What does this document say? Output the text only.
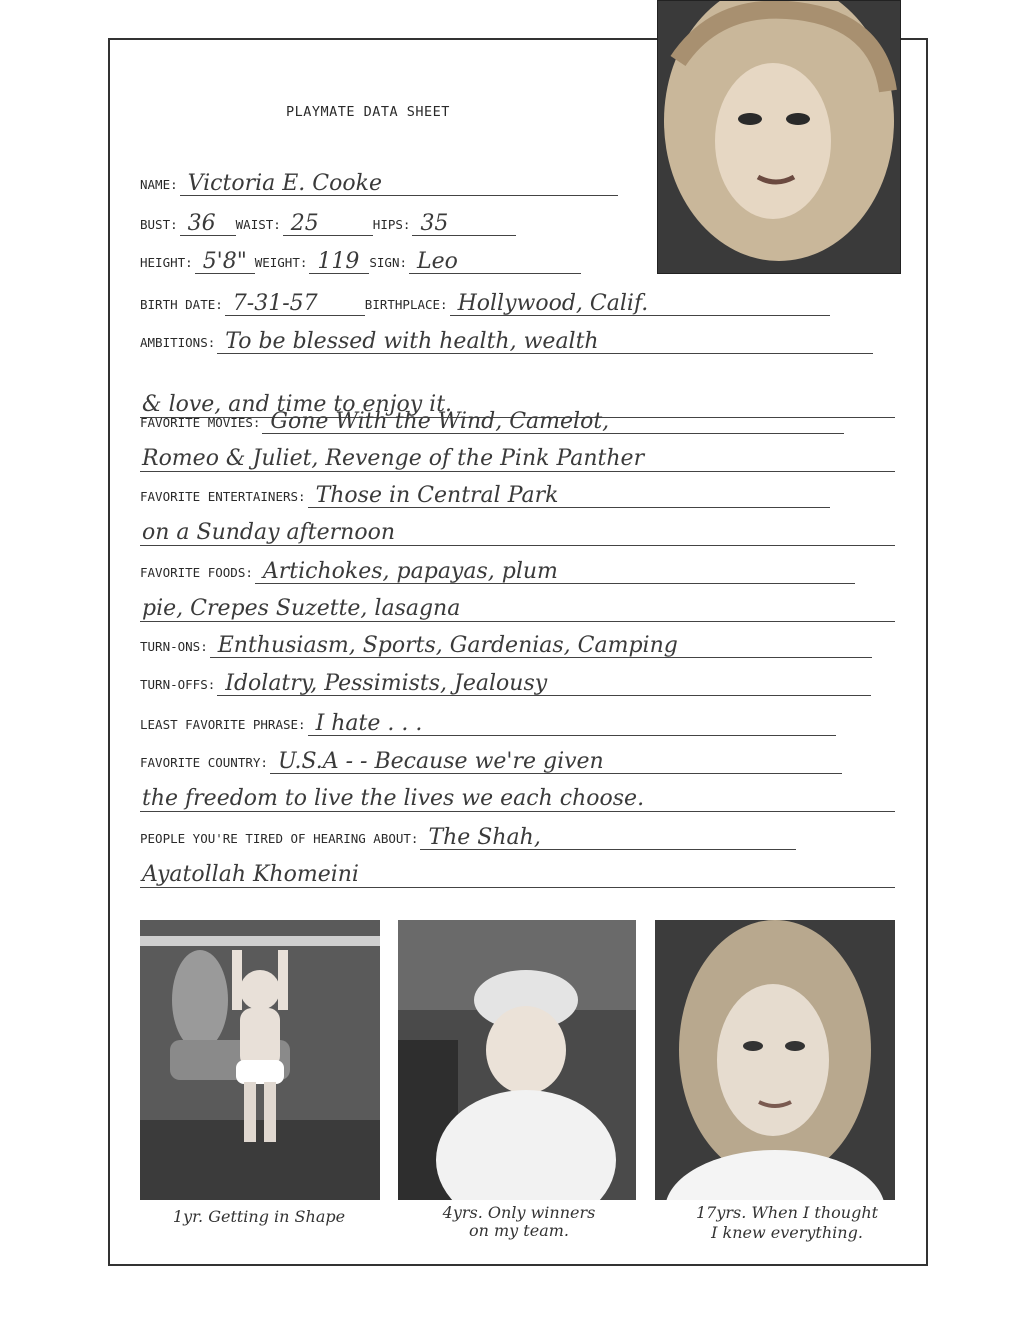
PLAYMATE DATA SHEET
NAME: Victoria E. Cooke
BUST: 36	WAIST: 25	HIPS: 35
HEIGHT: 5'8" WEIGHT: 119 SIGN: Leo
BIRTH DATE: 7-31-57	BIRTHPLACE: Hollywood, Calif.
AMBITIONS: To be blessed with health, wealth
& love, and time to enjoy it.
FAVORITE MOVIES: Gone With the Wind, Camelot,
Romeo & Juliet, Revenge of the Pink Panther
FAVORITE ENTERTAINERS: Those in Central Park
on a Sunday afternoon
FAVORITE FOODS: Artichokes, papayas, plum
pie, Crepes Suzette, lasagna
TURN-ONS: Enthusiasm, Sports, Gardenias, Camping
TURN-OFFS: Idolatry, Pessimists, Jealousy
LEAST FAVORITE PHRASE: I hate . . .
FAVORITE COUNTRY: U.S.A - - Because we're given
the freedom to live the lives we each choose.
PEOPLE YOU'RE TIRED OF HEARING ABOUT: The Shah,
Ayatollah Khomeini
1yr. Getting in Shape	4yrs. Only winners
on my team.
17yrs. When I thought
I knew everything.
